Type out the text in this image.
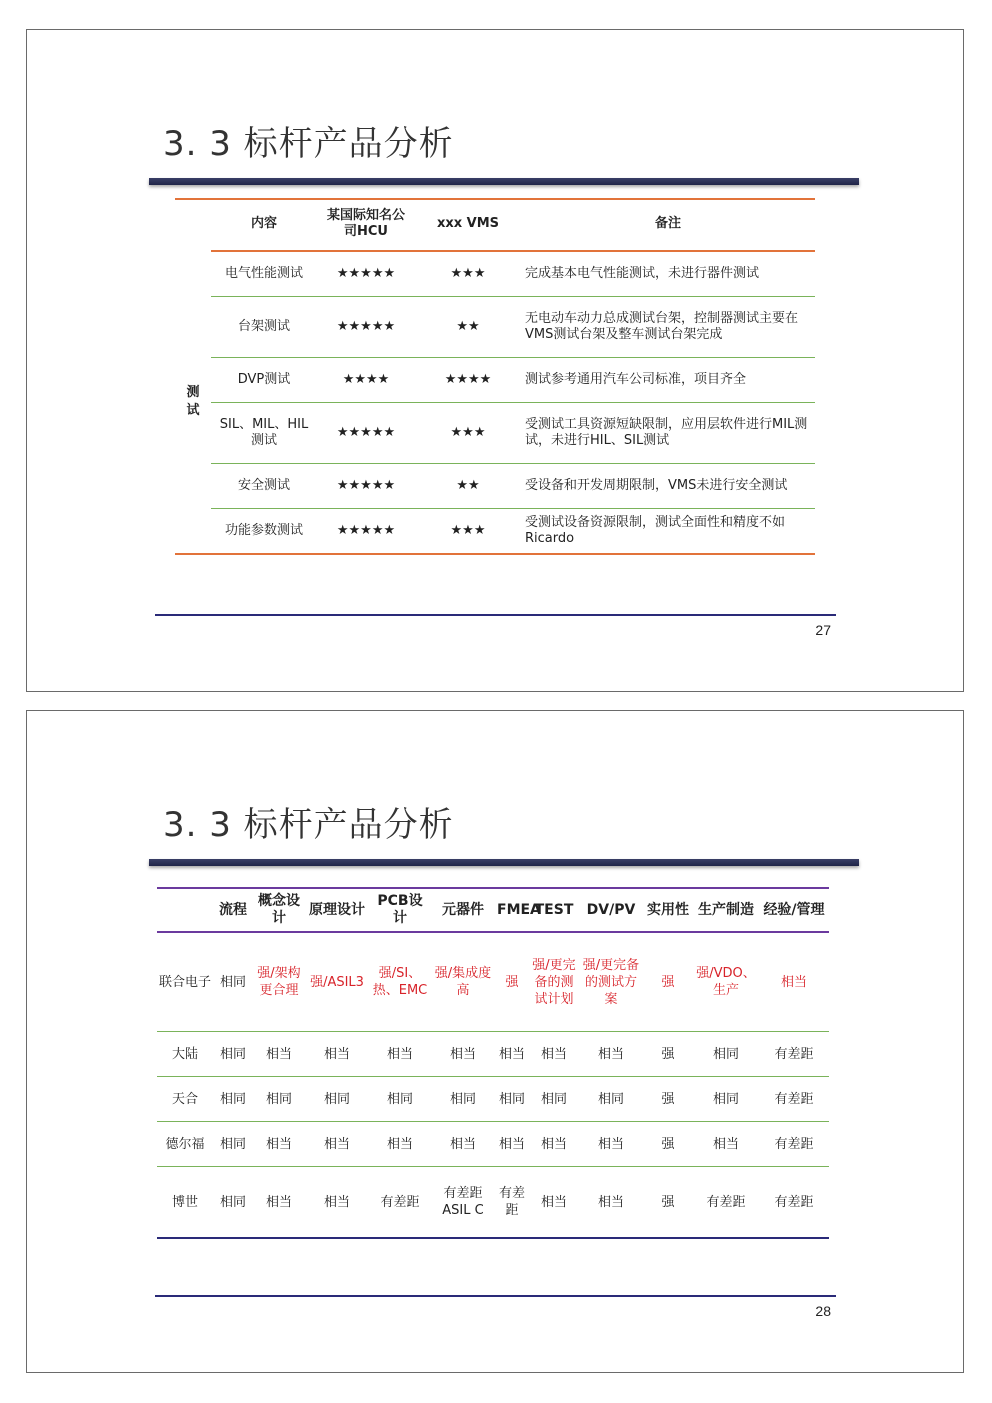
3. 3 标杆产品分析
	内容	某国际知名公司HCU	xxx VMS	备注
测试	电气性能测试	★★★★★	★★★	完成基本电气性能测试，未进行器件测试
	台架测试	★★★★★	★★	无电动车动力总成测试台架，控制器测试主要在VMS测试台架及整车测试台架完成
	DVP测试	★★★★	★★★★	测试参考通用汽车公司标准，项目齐全
	SIL、MIL、HIL测试	★★★★★	★★★	受测试工具资源短缺限制，应用层软件进行MIL测试，未进行HIL、SIL测试
	安全测试	★★★★★	★★	受设备和开发周期限制，VMS未进行安全测试
	功能参数测试	★★★★★	★★★	受测试设备资源限制，测试全面性和精度不如Ricardo
27
3. 3 标杆产品分析
	流程	概念设计	原理设计	PCB设计	元器件	FMEA	TEST	DV/PV	实用性	生产制造	经验/管理
联合电子	相同	强/架构更合理	强/ASIL3	强/SI、热、EMC	强/集成度高	强	强/更完备的测试计划	强/更完备的测试方案	强	强/VDO、生产	相当
大陆	相同	相当	相当	相当	相当	相当	相当	相当	强	相同	有差距
天合	相同	相同	相同	相同	相同	相同	相同	相同	强	相同	有差距
德尔福	相同	相当	相当	相当	相当	相当	相当	相当	强	相当	有差距
博世	相同	相当	相当	有差距	有差距ASIL C	有差距	相当	相当	强	有差距	有差距
28
